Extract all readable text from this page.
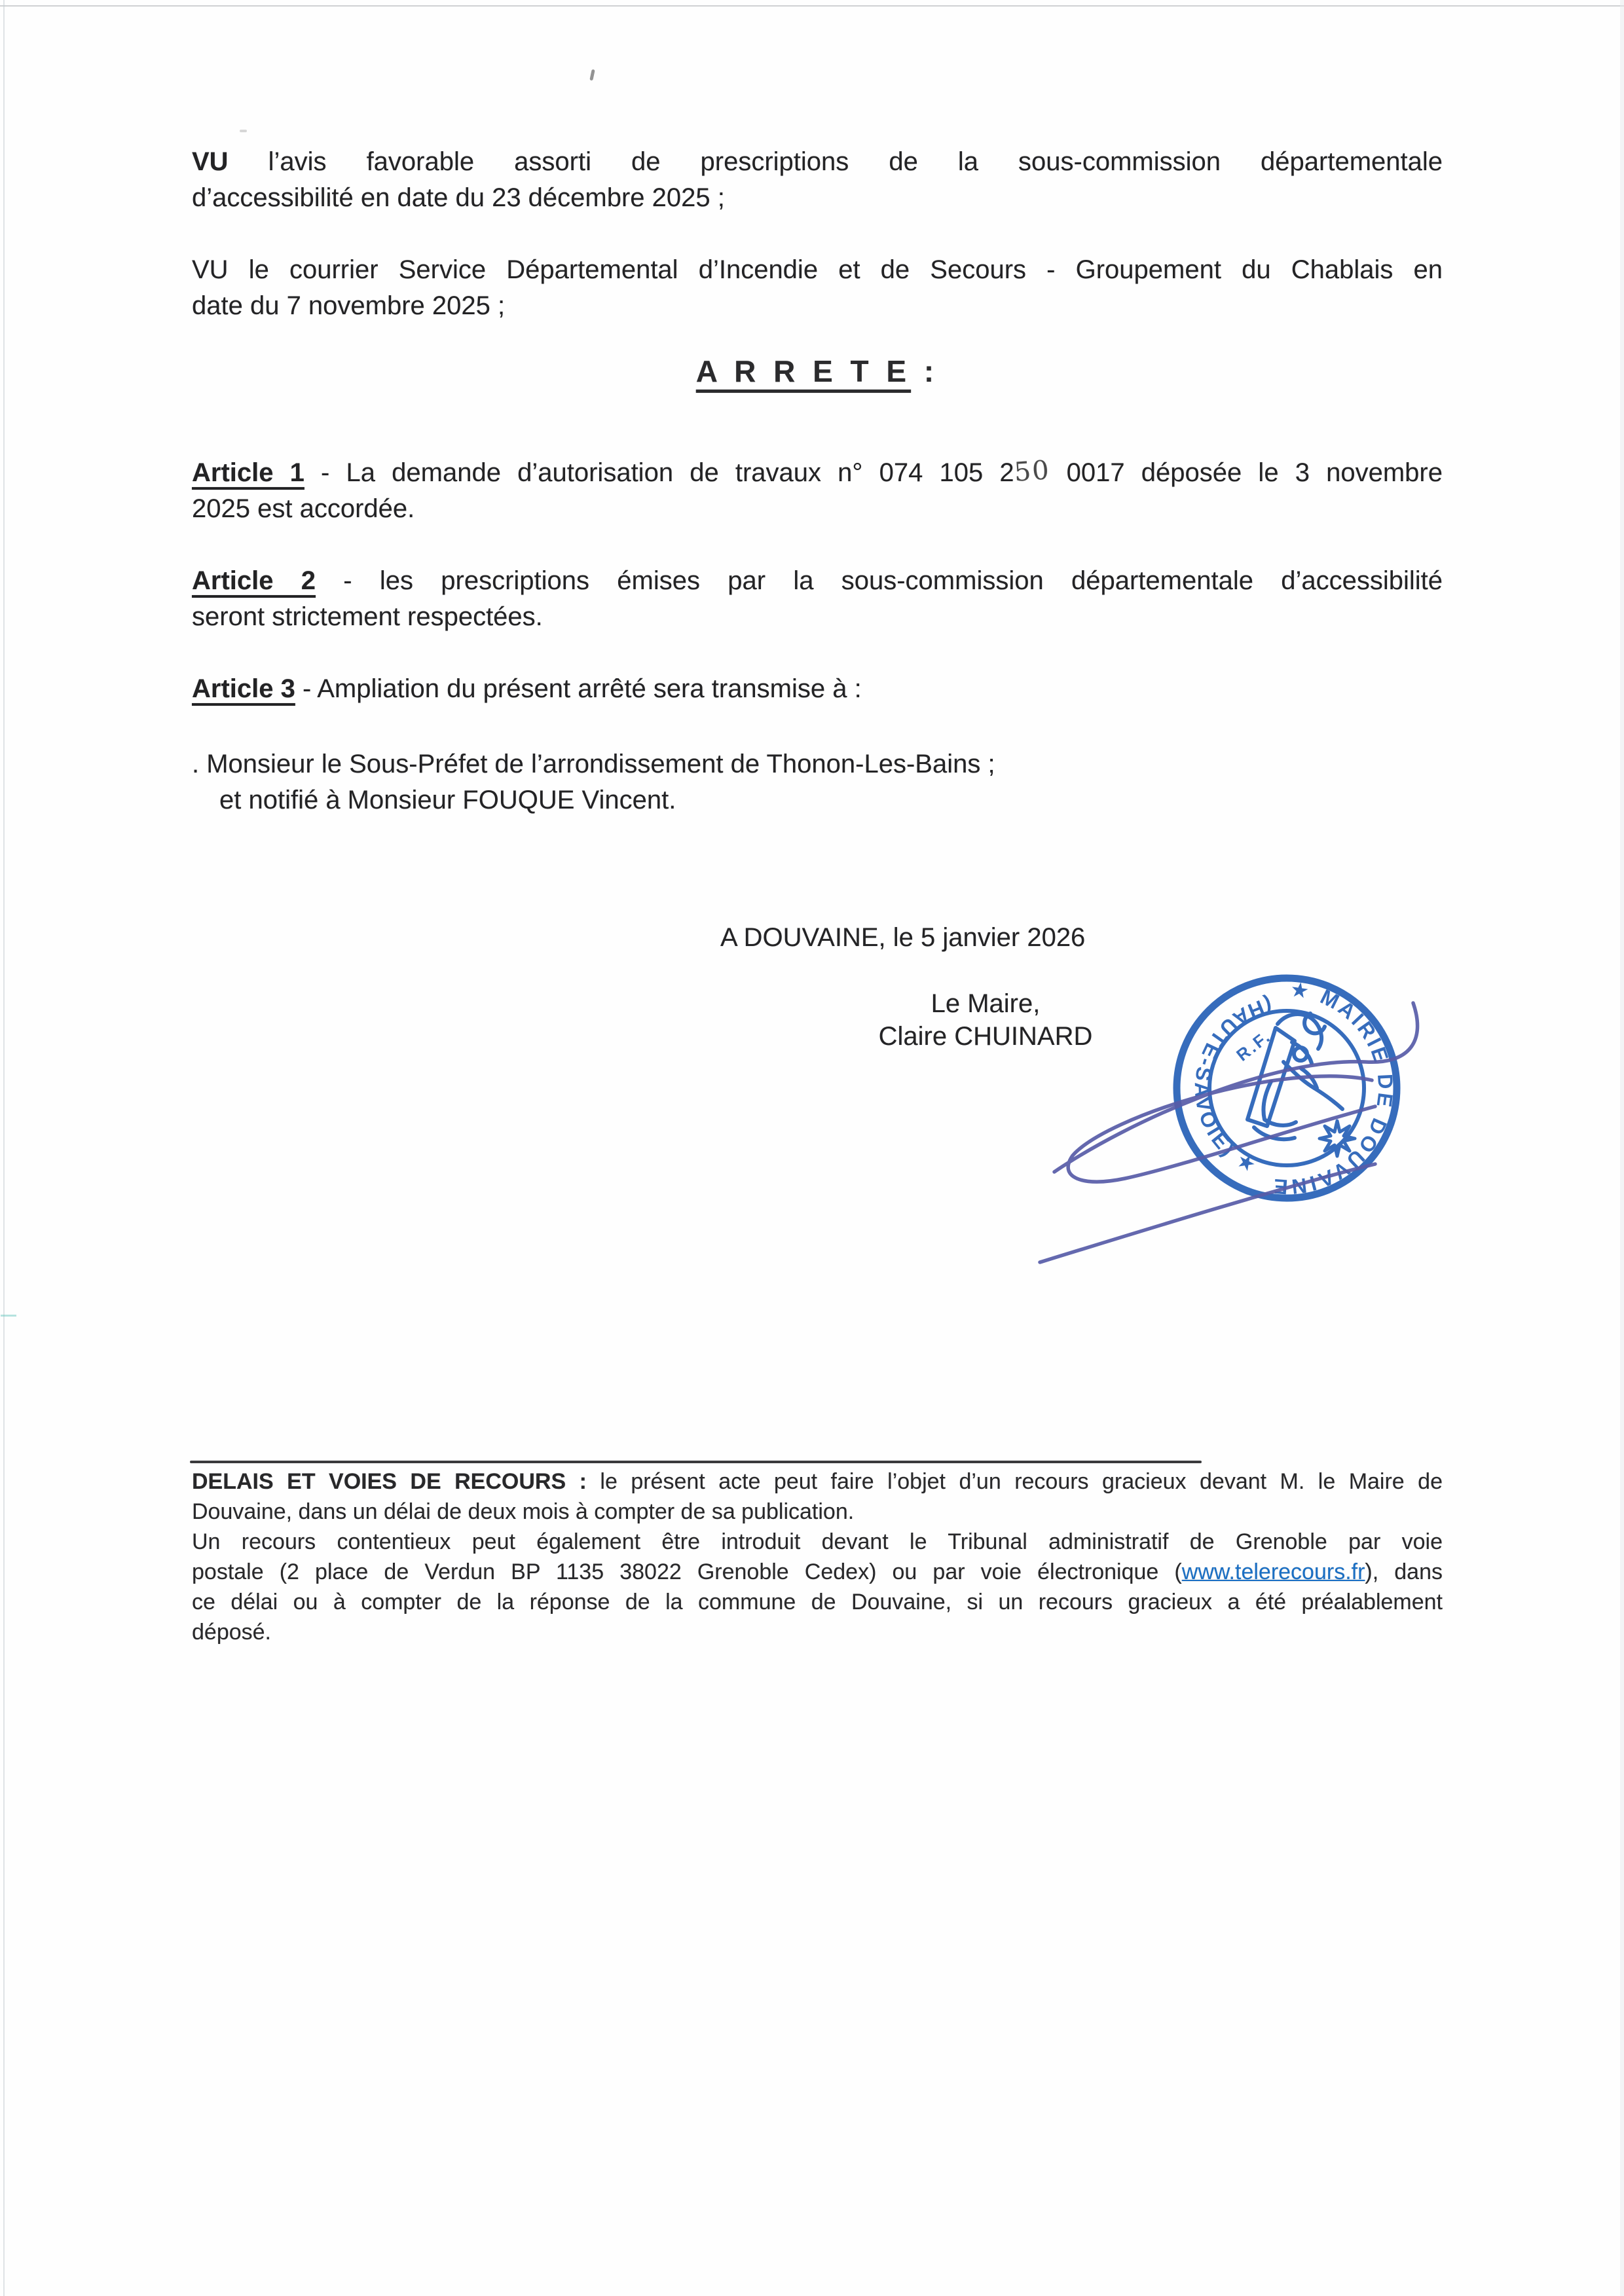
VU l’avis favorable assorti de prescriptions de la sous-commission départementale
d’accessibilité en date du 23 décembre 2025 ;
VU le courrier Service Départemental d’Incendie et de Secours - Groupement du Chablais en
date du 7 novembre 2025 ;
A R R E T E :
Article 1 - La demande d’autorisation de travaux n° 074 105 250 0017 déposée le 3 novembre
2025 est accordée.
Article 2 - les prescriptions émises par la sous-commission départementale d’accessibilité
seront strictement respectées.
Article 3 - Ampliation du présent arrêté sera transmise à :
. Monsieur le Sous-Préfet de l’arrondissement de Thonon-Les-Bains ;
et notifié à Monsieur FOUQUE Vincent.
A DOUVAINE, le 5 janvier 2026
Le Maire,
Claire CHUINARD
★ MAIRIE DE DOUVAINE
(HAUTE-SAVOIE) ★
R.F.
DELAIS ET VOIES DE RECOURS : le présent acte peut faire l’objet d’un recours gracieux devant M. le Maire de
Douvaine, dans un délai de deux mois à compter de sa publication.
Un recours contentieux peut également être introduit devant le Tribunal administratif de Grenoble par voie
postale (2 place de Verdun BP 1135 38022 Grenoble Cedex) ou par voie électronique (www.telerecours.fr), dans
ce délai ou à compter de la réponse de la commune de Douvaine, si un recours gracieux a été préalablement
déposé.
